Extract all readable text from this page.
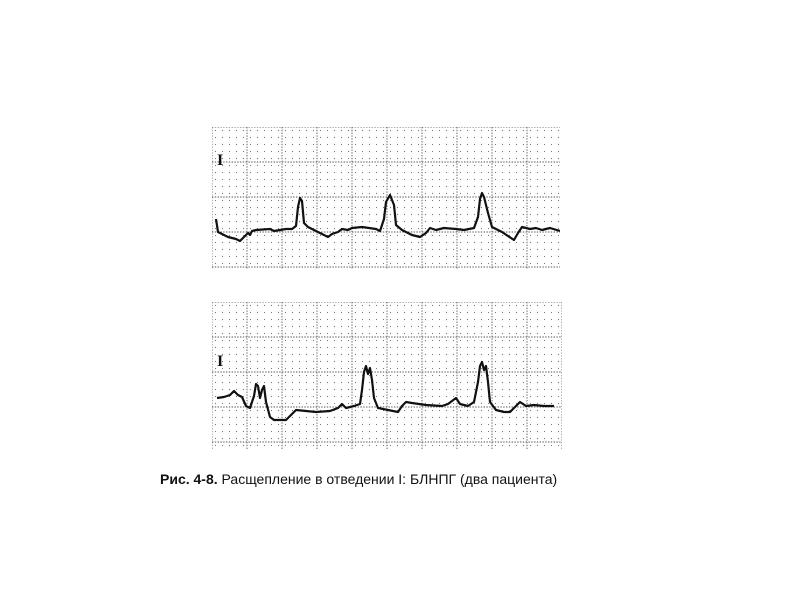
I
I
Рис. 4-8. Расщепление в отведении I: БЛНПГ (два пациента)
